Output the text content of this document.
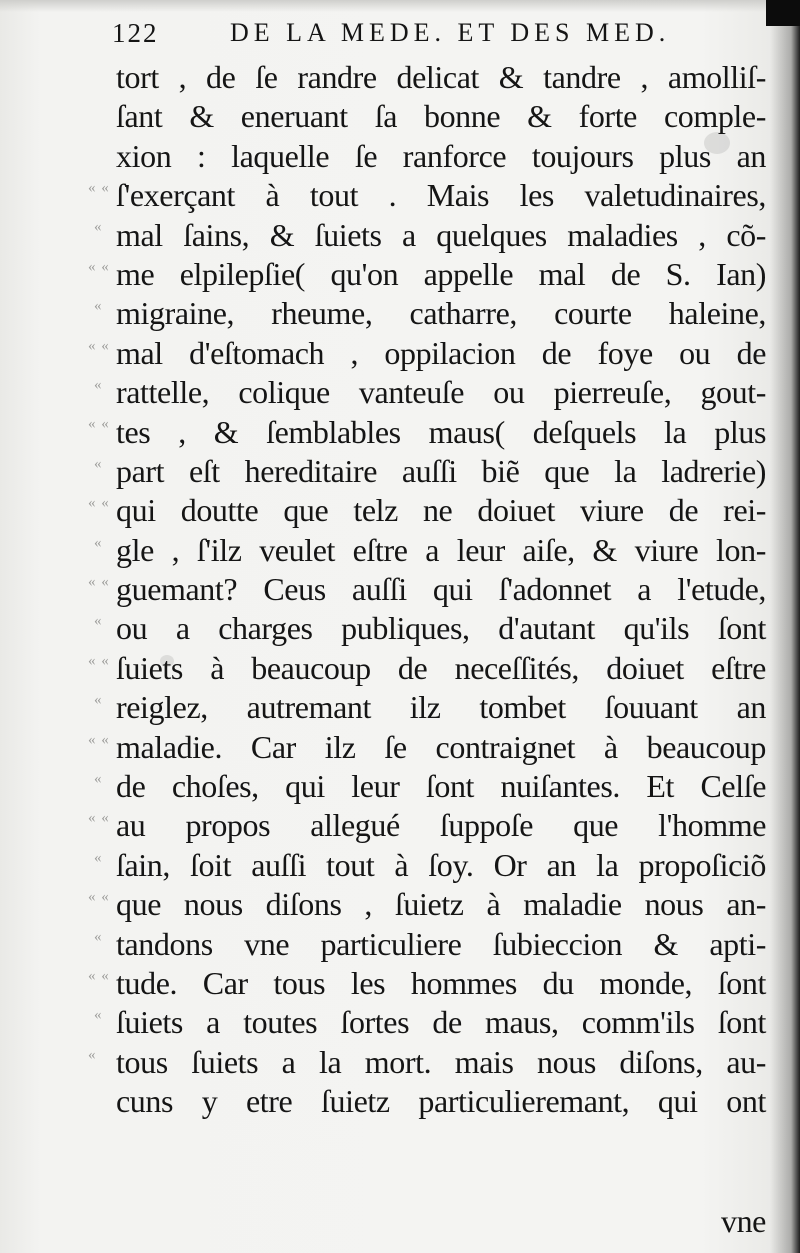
122	DE LA MEDE. ET DES MED.
« «
«
« «
«
« «
«
« «
«
« «
«
« «
«
« «
«
« «
«
« «
«
« «
«
« «
«
«
tort , de ſe randre delicat & tandre , amolliſ-
ſant & eneruant ſa bonne & forte comple-
xion : laquelle ſe ranforce toujours plus an
ſ'exerçant à tout . Mais les valetudinaires,
mal ſains, & ſuiets a quelques maladies , cõ-
me elpilepſie( qu'on appelle mal de S. Ian)
migraine, rheume, catharre, courte haleine,
mal d'eſtomach , oppilacion de foye ou de
rattelle, colique vanteuſe ou pierreuſe, gout-
tes , & ſemblables maus( deſquels la plus
part eſt hereditaire auſſi biẽ que la ladrerie)
qui doutte que telz ne doiuet viure de rei-
gle , ſ'ilz veulet eſtre a leur aiſe, & viure lon-
guemant? Ceus auſſi qui ſ'adonnet a l'etude,
ou a charges publiques, d'autant qu'ils ſont
ſuiets à beaucoup de neceſſités, doiuet eſtre
reiglez, autremant ilz tombet ſouuant an
maladie. Car ilz ſe contraignet à beaucoup
de choſes, qui leur ſont nuiſantes. Et Celſe
au propos allegué ſuppoſe que l'homme
ſain, ſoit auſſi tout à ſoy. Or an la propoſiciõ
que nous diſons , ſuietz à maladie nous an-
tandons vne particuliere ſubieccion & apti-
tude. Car tous les hommes du monde, ſont
ſuiets a toutes ſortes de maus, comm'ils ſont
tous ſuiets a la mort. mais nous diſons, au-
cuns y etre ſuietz particulieremant, qui ont
vne
